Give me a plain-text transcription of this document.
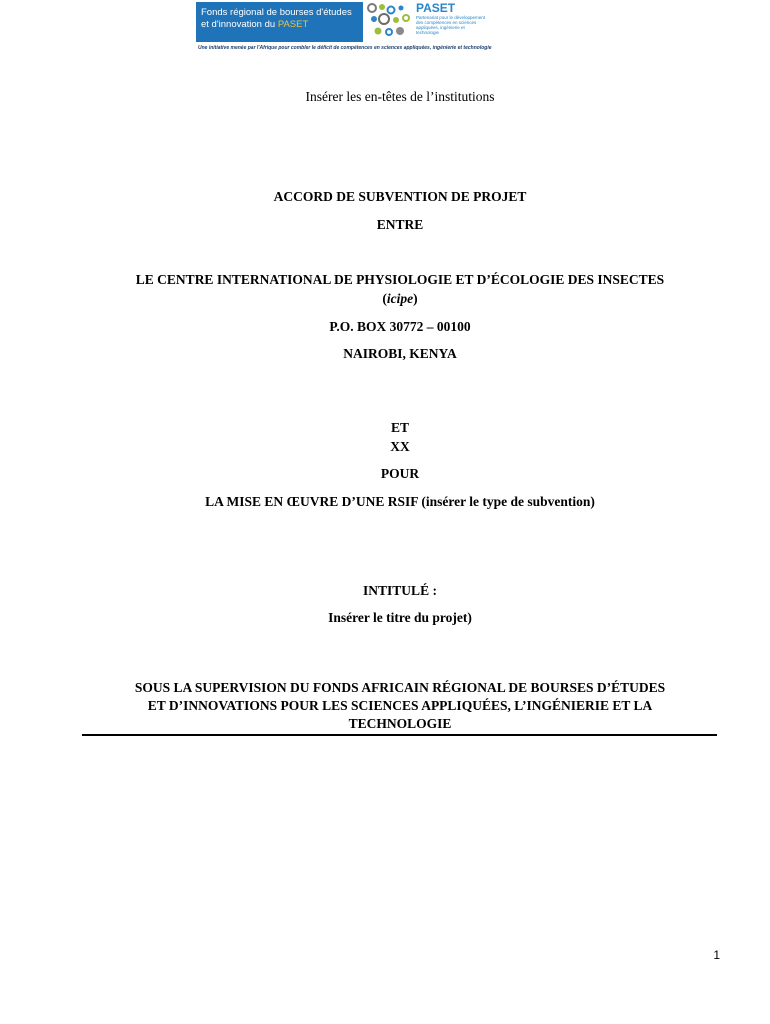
Fonds régional de bourses d'études
et d'innovation du PASET
PASET
Partenariat pour le développement des compétences en sciences appliquées, ingénierie et technologie
Une initiative menée par l'Afrique pour combler le déficit de compétences en sciences appliquées, ingénierie et technologie
Insérer les en-têtes de l’institutions
ACCORD DE SUBVENTION DE PROJET
ENTRE
LE CENTRE INTERNATIONAL DE PHYSIOLOGIE ET D’ÉCOLOGIE DES INSECTES
(icipe)
P.O. BOX 30772 – 00100
NAIROBI, KENYA
ET
XX
POUR
LA MISE EN ŒUVRE D’UNE RSIF (insérer le type de subvention)
INTITULÉ :
Insérer le titre du projet)
SOUS LA SUPERVISION DU FONDS AFRICAIN RÉGIONAL DE BOURSES D’ÉTUDES
ET D’INNOVATIONS POUR LES SCIENCES APPLIQUÉES, L’INGÉNIERIE ET LA
TECHNOLOGIE
1
